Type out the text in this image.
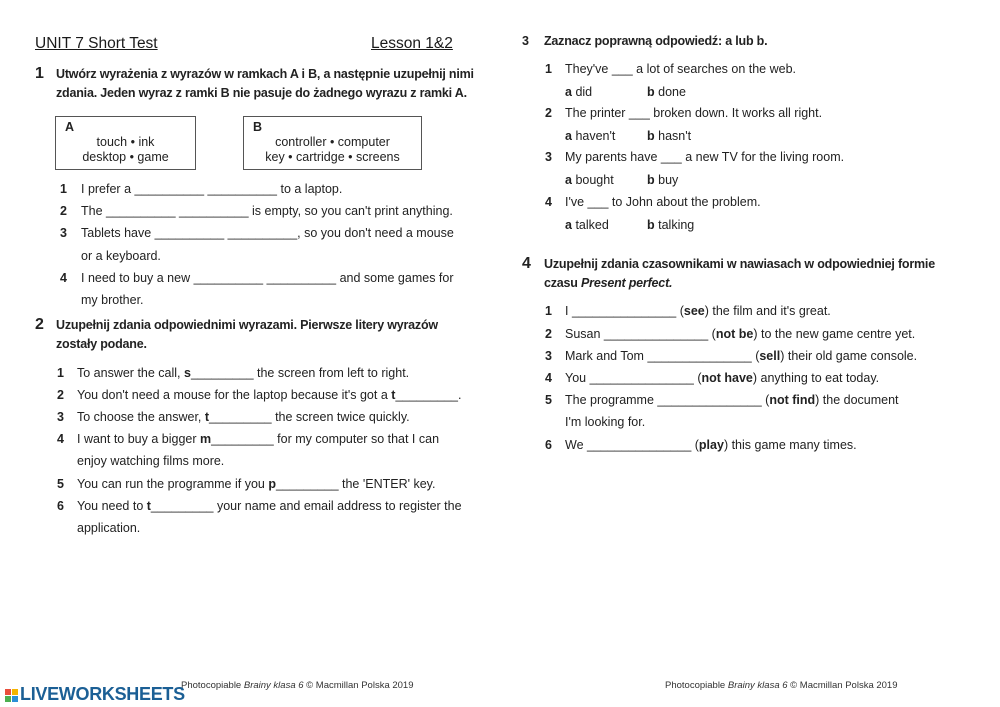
UNIT 7 Short Test	Lesson 1&2
1 Utwórz wyrażenia z wyrazów w ramkach A i B, a następnie uzupełnij nimi
zdania. Jeden wyraz z ramki B nie pasuje do żadnego wyrazu z ramki A.
1 I prefer a __________ __________ to a laptop.
2 The __________ __________ is empty, so you can't print anything.
3 Tablets have __________ __________, so you don't need a mouse
or a keyboard.
4 I need to buy a new __________ __________ and some games for
my brother.
2 Uzupełnij zdania odpowiednimi wyrazami. Pierwsze litery wyrazów
zostały podane.
1 To answer the call, s_________ the screen from left to right.
2 You don't need a mouse for the laptop because it's got a t_________.
3 To choose the answer, t_________ the screen twice quickly.
4 I want to buy a bigger m_________ for my computer so that I can
enjoy watching films more.
5 You can run the programme if you p_________ the 'ENTER' key.
6 You need to t_________ your name and email address to register the
application.
3 Zaznacz poprawną odpowiedź: a lub b.
1 They've ___ a lot of searches on the web.
a did	b done
2 The printer ___ broken down. It works all right.
a haven't	b hasn't
3 My parents have ___ a new TV for the living room.
a bought	b buy
4 I've ___ to John about the problem.
a talked	b talking
4 Uzupełnij zdania czasownikami w nawiasach w odpowiedniej formie
czasu Present perfect.
1 I _______________ (see) the film and it's great.
2 Susan _______________ (not be) to the new game centre yet.
3 Mark and Tom _______________ (sell) their old game console.
4 You _______________ (not have) anything to eat today.
5 The programme _______________ (not find) the document
I'm looking for.
6 We _______________ (play) this game many times.
A
touch • ink
desktop • game
B
controller • computer
key • cartridge • screens
Photocopiable Brainy klasa 6 © Macmillan Polska 2019	Photocopiable Brainy klasa 6 © Macmillan Polska 2019
LIVEWORKSHEETS
